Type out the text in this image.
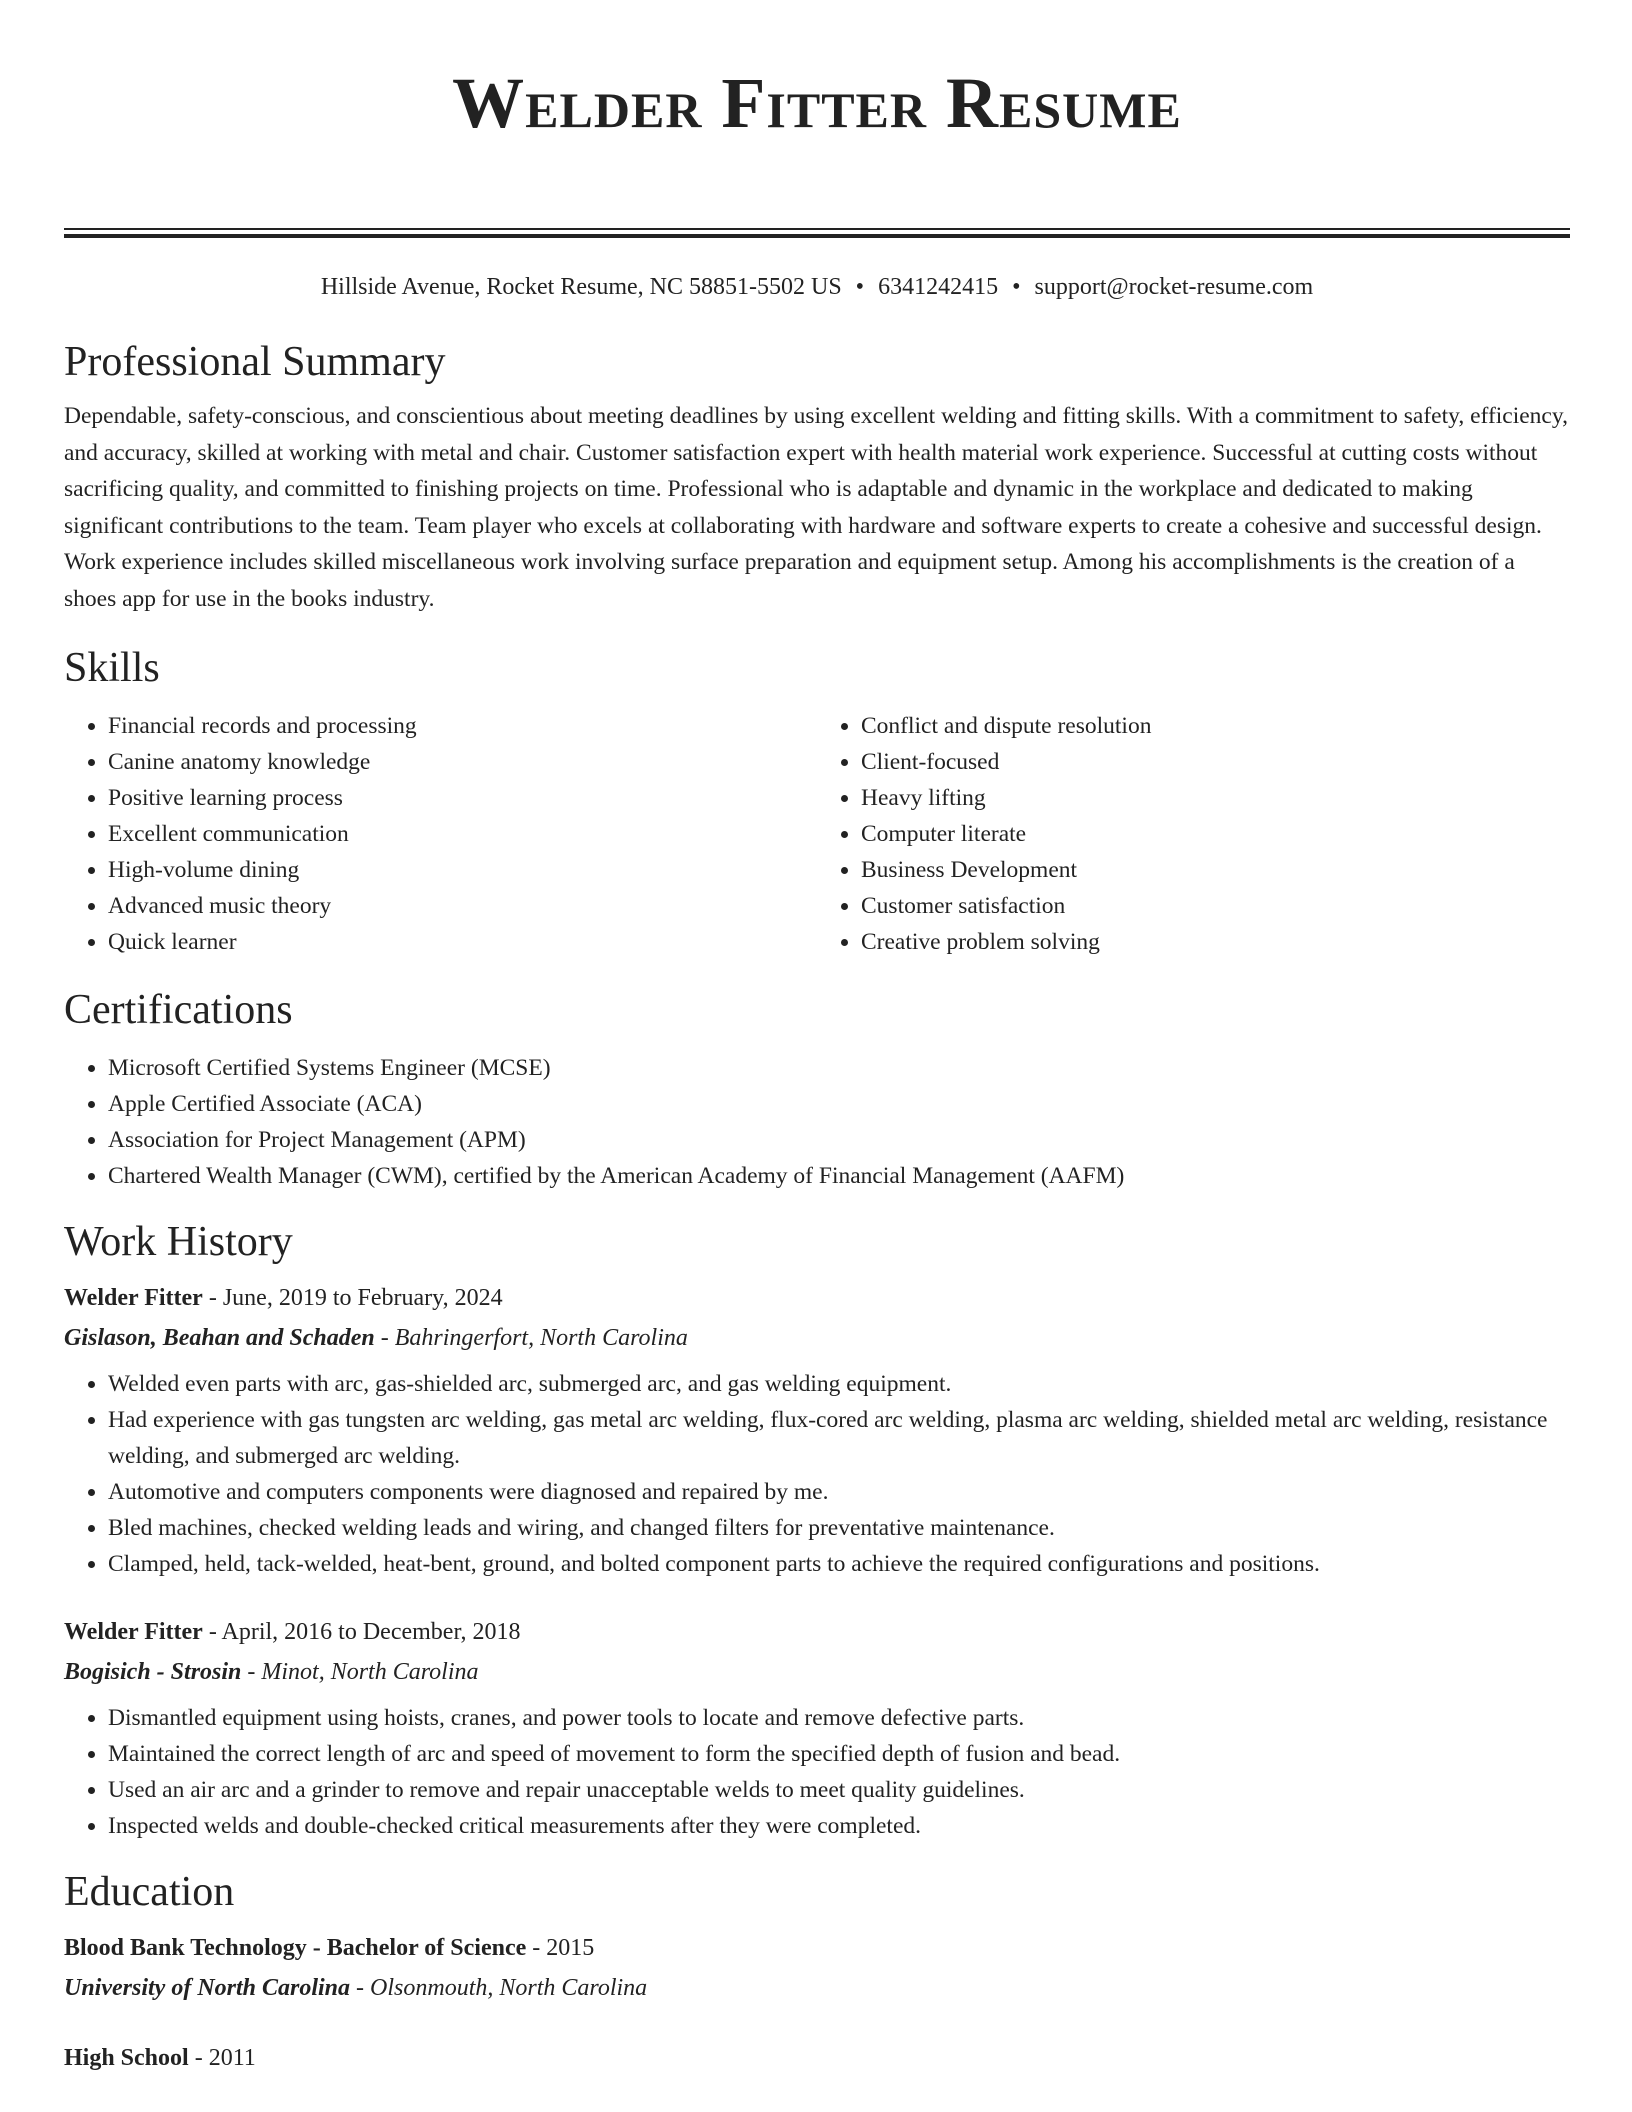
Welder Fitter Resume
Hillside Avenue, Rocket Resume, NC 58851-5502 US • 6341242415 • support@rocket-resume.com
Professional Summary

Dependable, safety-conscious, and conscientious about meeting deadlines by using excellent welding and fitting skills. With a commitment to safety, efficiency, and accuracy, skilled at working with metal and chair. Customer satisfaction expert with health material work experience. Successful at cutting costs without sacrificing quality, and committed to finishing projects on time. Professional who is adaptable and dynamic in the workplace and dedicated to making significant contributions to the team. Team player who excels at collaborating with hardware and software experts to create a cohesive and successful design. Work experience includes skilled miscellaneous work involving surface preparation and equipment setup. Among his accomplishments is the creation of a shoes app for use in the books industry.

Skills
• Financial records and processing
• Canine anatomy knowledge
• Positive learning process
• Excellent communication
• High-volume dining
• Advanced music theory
• Quick learner
• Conflict and dispute resolution
• Client-focused
• Heavy lifting
• Computer literate
• Business Development
• Customer satisfaction
• Creative problem solving
Certifications
• Microsoft Certified Systems Engineer (MCSE)
• Apple Certified Associate (ACA)
• Association for Project Management (APM)
• Chartered Wealth Manager (CWM), certified by the American Academy of Financial Management (AAFM)
Work History
Welder Fitter - June, 2019 to February, 2024
Gislason, Beahan and Schaden - Bahringerfort, North Carolina
• Welded even parts with arc, gas-shielded arc, submerged arc, and gas welding equipment.
• Had experience with gas tungsten arc welding, gas metal arc welding, flux-cored arc welding, plasma arc welding, shielded metal arc welding, resistance welding, and submerged arc welding.
• Automotive and computers components were diagnosed and repaired by me.
• Bled machines, checked welding leads and wiring, and changed filters for preventative maintenance.
• Clamped, held, tack-welded, heat-bent, ground, and bolted component parts to achieve the required configurations and positions.
Welder Fitter - April, 2016 to December, 2018
Bogisich - Strosin - Minot, North Carolina
• Dismantled equipment using hoists, cranes, and power tools to locate and remove defective parts.
• Maintained the correct length of arc and speed of movement to form the specified depth of fusion and bead.
• Used an air arc and a grinder to remove and repair unacceptable welds to meet quality guidelines.
• Inspected welds and double-checked critical measurements after they were completed.
Education
Blood Bank Technology - Bachelor of Science - 2015
University of North Carolina - Olsonmouth, North Carolina
High School - 2011
